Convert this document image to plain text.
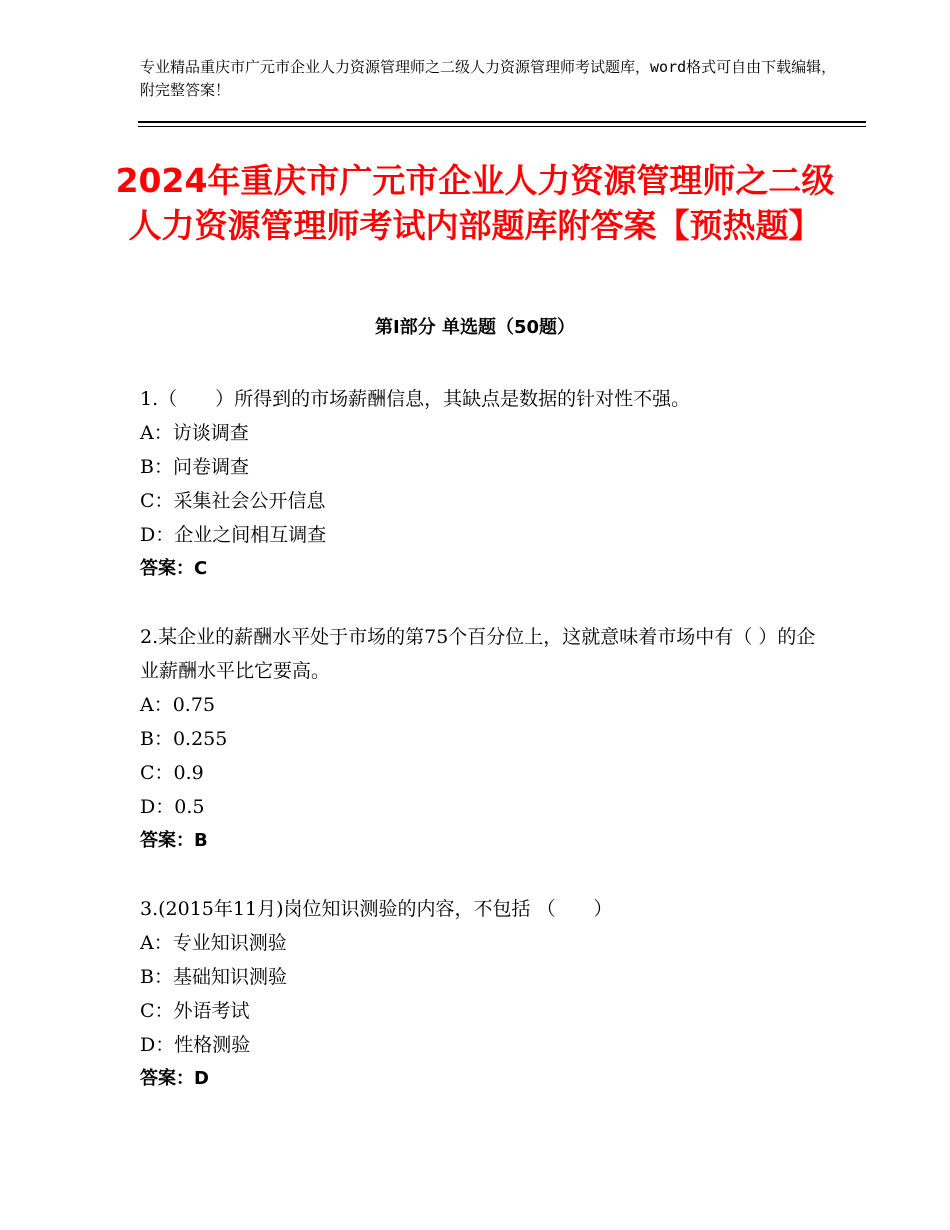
专业精品重庆市广元市企业人力资源管理师之二级人力资源管理师考试题库，word格式可自由下载编辑，附完整答案！
2024年重庆市广元市企业人力资源管理师之二级人力资源管理师考试内部题库附答案【预热题】
第Ⅰ部分 单选题（50题）

1.（　　）所得到的市场薪酬信息，其缺点是数据的针对性不强。

A：访谈调查

B：问卷调查

C：采集社会公开信息

D：企业之间相互调查

答案：C

2.某企业的薪酬水平处于市场的第75个百分位上，这就意味着市场中有（ ）的企业薪酬水平比它要高。

A：0.75

B：0.255

C：0.9

D：0.5

答案：B

3.(2015年11月)岗位知识测验的内容，不包括 （　　）

A：专业知识测验

B：基础知识测验

C：外语考试

D：性格测验

答案：D
